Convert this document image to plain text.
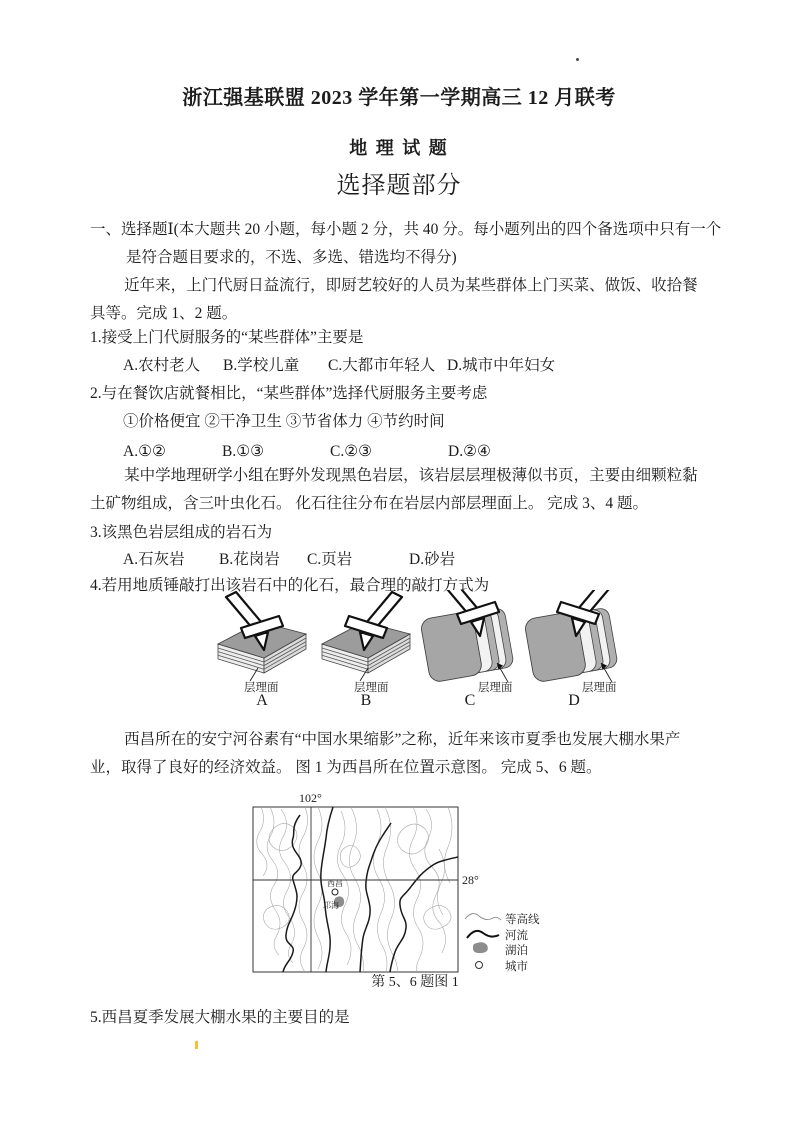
浙江强基联盟 2023 学年第一学期高三 12 月联考
地 理 试 题
选择题部分
一、选择题Ⅰ(本大题共 20 小题，每小题 2 分，共 40 分。每小题列出的四个备选项中只有一个是符合题目要求的，不选、多选、错选均不得分)
近年来，上门代厨日益流行，即厨艺较好的人员为某些群体上门买菜、做饭、收拾餐具等。完成 1、2 题。
1.接受上门代厨服务的“某些群体”主要是
A.农村老人 B.学校儿童 C.大都市年轻人 D.城市中年妇女
2.与在餐饮店就餐相比，“某些群体”选择代厨服务主要考虑
①价格便宜 ②干净卫生 ③节省体力 ④节约时间
A.①②	B.①③	C.②③	D.②④
某中学地理研学小组在野外发现黑色岩层，该岩层层理极薄似书页，主要由细颗粒黏土矿物组成，含三叶虫化石。 化石往往分布在岩层内部层理面上。 完成 3、4 题。
3.该黑色岩层组成的岩石为
A.石灰岩 B.花岗岩 C.页岩	D.砂岩
4.若用地质锤敲打出该岩石中的化石，最合理的敲打方式为
层理面
A
层理面
B
层理面
C
层理面
D
西昌所在的安宁河谷素有“中国水果缩影”之称，近年来该市夏季也发展大棚水果产业，取得了良好的经济效益。 图 1 为西昌所在位置示意图。 完成 5、6 题。
102°
28°
西昌
邛海
等高线
河流
湖泊
城市
第 5、6 题图 1
5.西昌夏季发展大棚水果的主要目的是
